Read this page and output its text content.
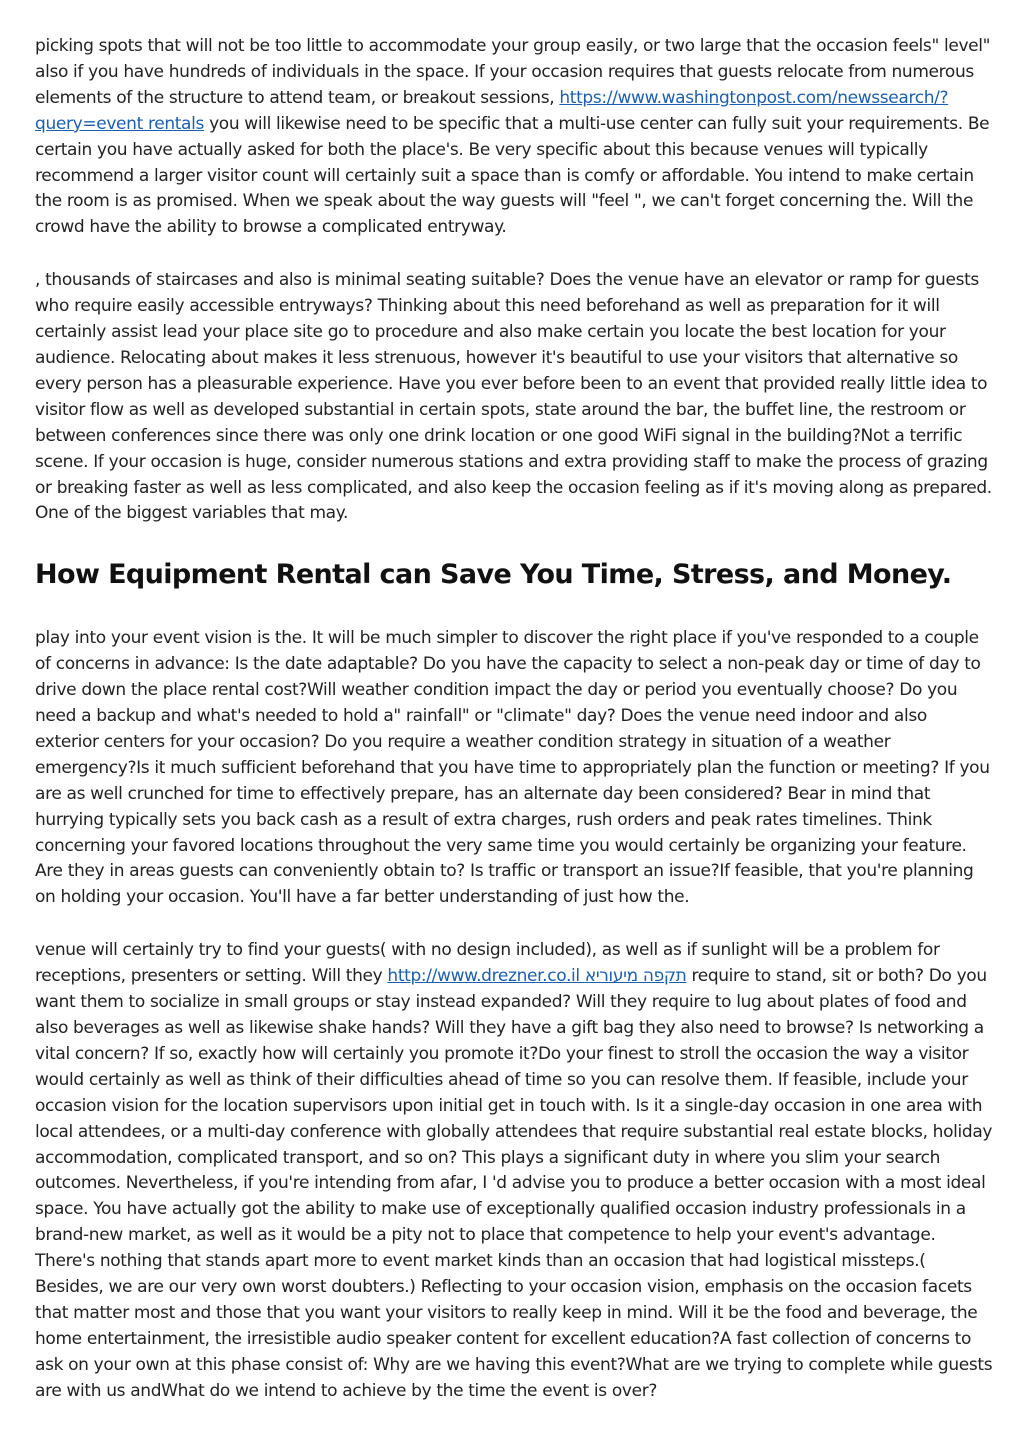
picking spots that will not be too little to accommodate your group easily, or two large that the occasion feels" level" also if you have hundreds of individuals in the space. If your occasion requires that guests relocate from numerous elements of the structure to attend team, or breakout sessions, https://www.washingtonpost.com/newssearch/?query=event rentals you will likewise need to be specific that a multi-use center can fully suit your requirements. Be certain you have actually asked for both the place's. Be very specific about this because venues will typically recommend a larger visitor count will certainly suit a space than is comfy or affordable. You intend to make certain the room is as promised. When we speak about the way guests will "feel ", we can't forget concerning the. Will the crowd have the ability to browse a complicated entryway.

, thousands of staircases and also is minimal seating suitable? Does the venue have an elevator or ramp for guests who require easily accessible entryways? Thinking about this need beforehand as well as preparation for it will certainly assist lead your place site go to procedure and also make certain you locate the best location for your audience. Relocating about makes it less strenuous, however it's beautiful to use your visitors that alternative so every person has a pleasurable experience. Have you ever before been to an event that provided really little idea to visitor flow as well as developed substantial in certain spots, state around the bar, the buffet line, the restroom or between conferences since there was only one drink location or one good WiFi signal in the building?Not a terrific scene. If your occasion is huge, consider numerous stations and extra providing staff to make the process of grazing or breaking faster as well as less complicated, and also keep the occasion feeling as if it's moving along as prepared. One of the biggest variables that may.

How Equipment Rental can Save You Time, Stress, and Money.

play into your event vision is the. It will be much simpler to discover the right place if you've responded to a couple of concerns in advance: Is the date adaptable? Do you have the capacity to select a non-peak day or time of day to drive down the place rental cost?Will weather condition impact the day or period you eventually choose? Do you need a backup and what's needed to hold a" rainfall" or "climate" day? Does the venue need indoor and also exterior centers for your occasion? Do you require a weather condition strategy in situation of a weather emergency?Is it much sufficient beforehand that you have time to appropriately plan the function or meeting? If you are as well crunched for time to effectively prepare, has an alternate day been considered? Bear in mind that hurrying typically sets you back cash as a result of extra charges, rush orders and peak rates timelines. Think concerning your favored locations throughout the very same time you would certainly be organizing your feature. Are they in areas guests can conveniently obtain to? Is traffic or transport an issue?If feasible, that you're planning on holding your occasion. You'll have a far better understanding of just how the.

venue will certainly try to find your guests( with no design included), as well as if sunlight will be a problem for receptions, presenters or setting. Will they http://www.drezner.co.il תקפה מיעוריא require to stand, sit or both? Do you want them to socialize in small groups or stay instead expanded? Will they require to lug about plates of food and also beverages as well as likewise shake hands? Will they have a gift bag they also need to browse? Is networking a vital concern? If so, exactly how will certainly you promote it?Do your finest to stroll the occasion the way a visitor would certainly as well as think of their difficulties ahead of time so you can resolve them. If feasible, include your occasion vision for the location supervisors upon initial get in touch with. Is it a single-day occasion in one area with local attendees, or a multi-day conference with globally attendees that require substantial real estate blocks, holiday accommodation, complicated transport, and so on? This plays a significant duty in where you slim your search outcomes. Nevertheless, if you're intending from afar, I 'd advise you to produce a better occasion with a most ideal space. You have actually got the ability to make use of exceptionally qualified occasion industry professionals in a brand-new market, as well as it would be a pity not to place that competence to help your event's advantage. There's nothing that stands apart more to event market kinds than an occasion that had logistical missteps.( Besides, we are our very own worst doubters.) Reflecting to your occasion vision, emphasis on the occasion facets that matter most and those that you want your visitors to really keep in mind. Will it be the food and beverage, the home entertainment, the irresistible audio speaker content for excellent education?A fast collection of concerns to ask on your own at this phase consist of: Why are we having this event?What are we trying to complete while guests are with us andWhat do we intend to achieve by the time the event is over?
